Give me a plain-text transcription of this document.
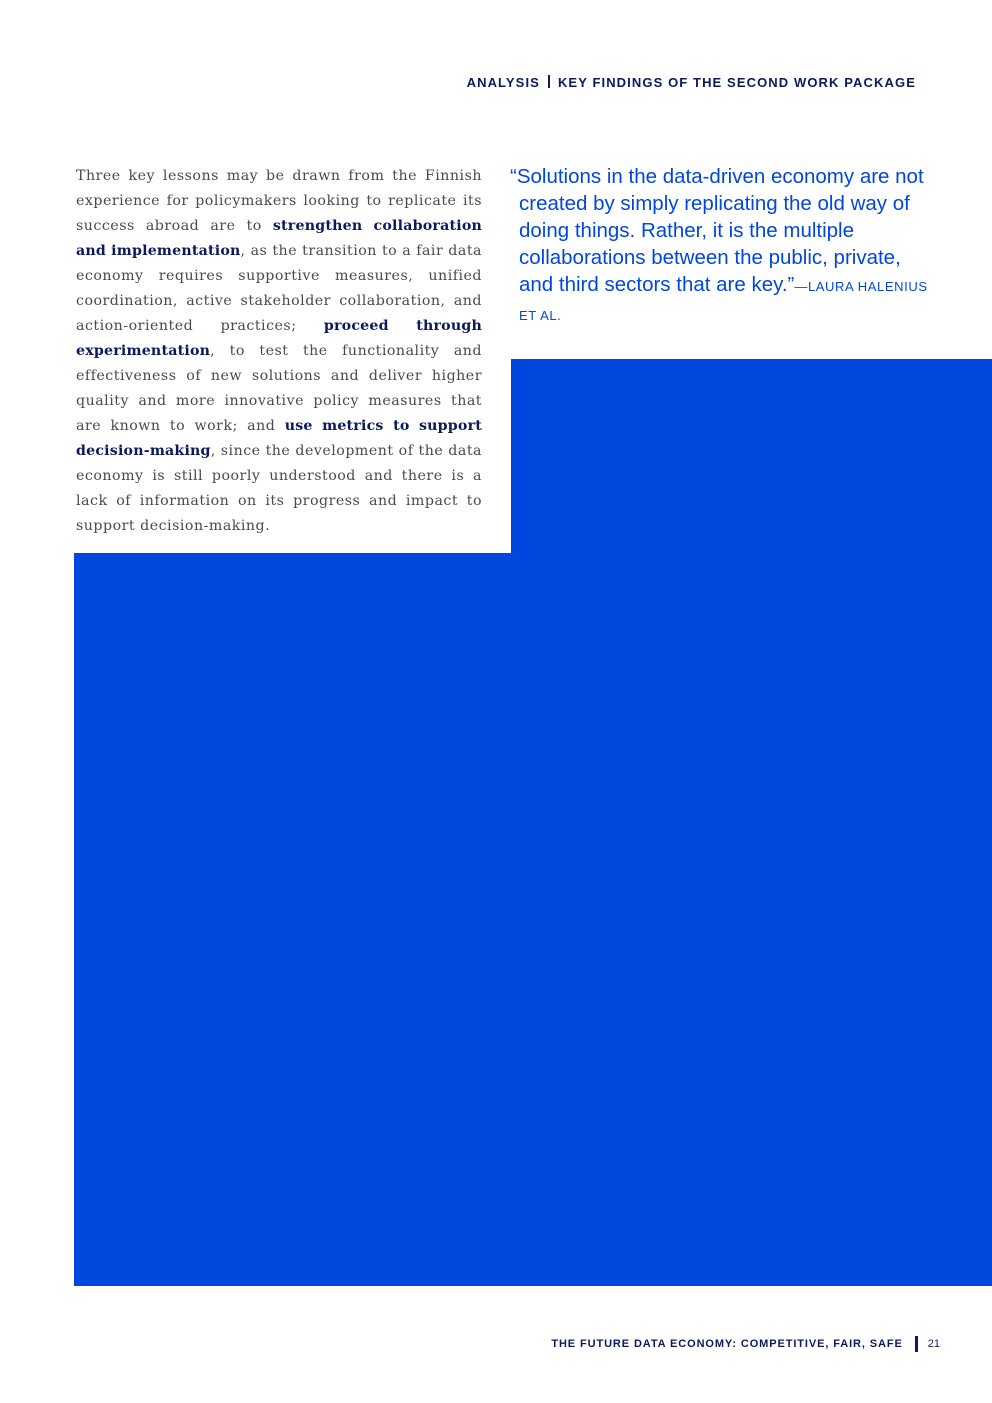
ANALYSIS KEY FINDINGS OF THE SECOND WORK PACKAGE

Three key lessons may be drawn from the Finnish experience for policymakers looking to replicate its success abroad are to strengthen collaboration and implementation, as the transition to a fair data economy requires supportive measures, unified coordination, active stakeholder collaboration, and action-oriented practices; proceed through experimentation, to test the functionality and effectiveness of new solutions and deliver higher quality and more innovative policy measures that are known to work; and use metrics to support decision-making, since the development of the data economy is still poorly understood and there is a lack of information on its progress and impact to support decision-making.

“Solutions in the data-driven economy are not created by simply replicating the old way of doing things. Rather, it is the multiple collaborations between the public, private, and third sectors that are key.”—LAURA HALENIUS ET AL.
THE FUTURE DATA ECONOMY: COMPETITIVE, FAIR, SAFE 21
